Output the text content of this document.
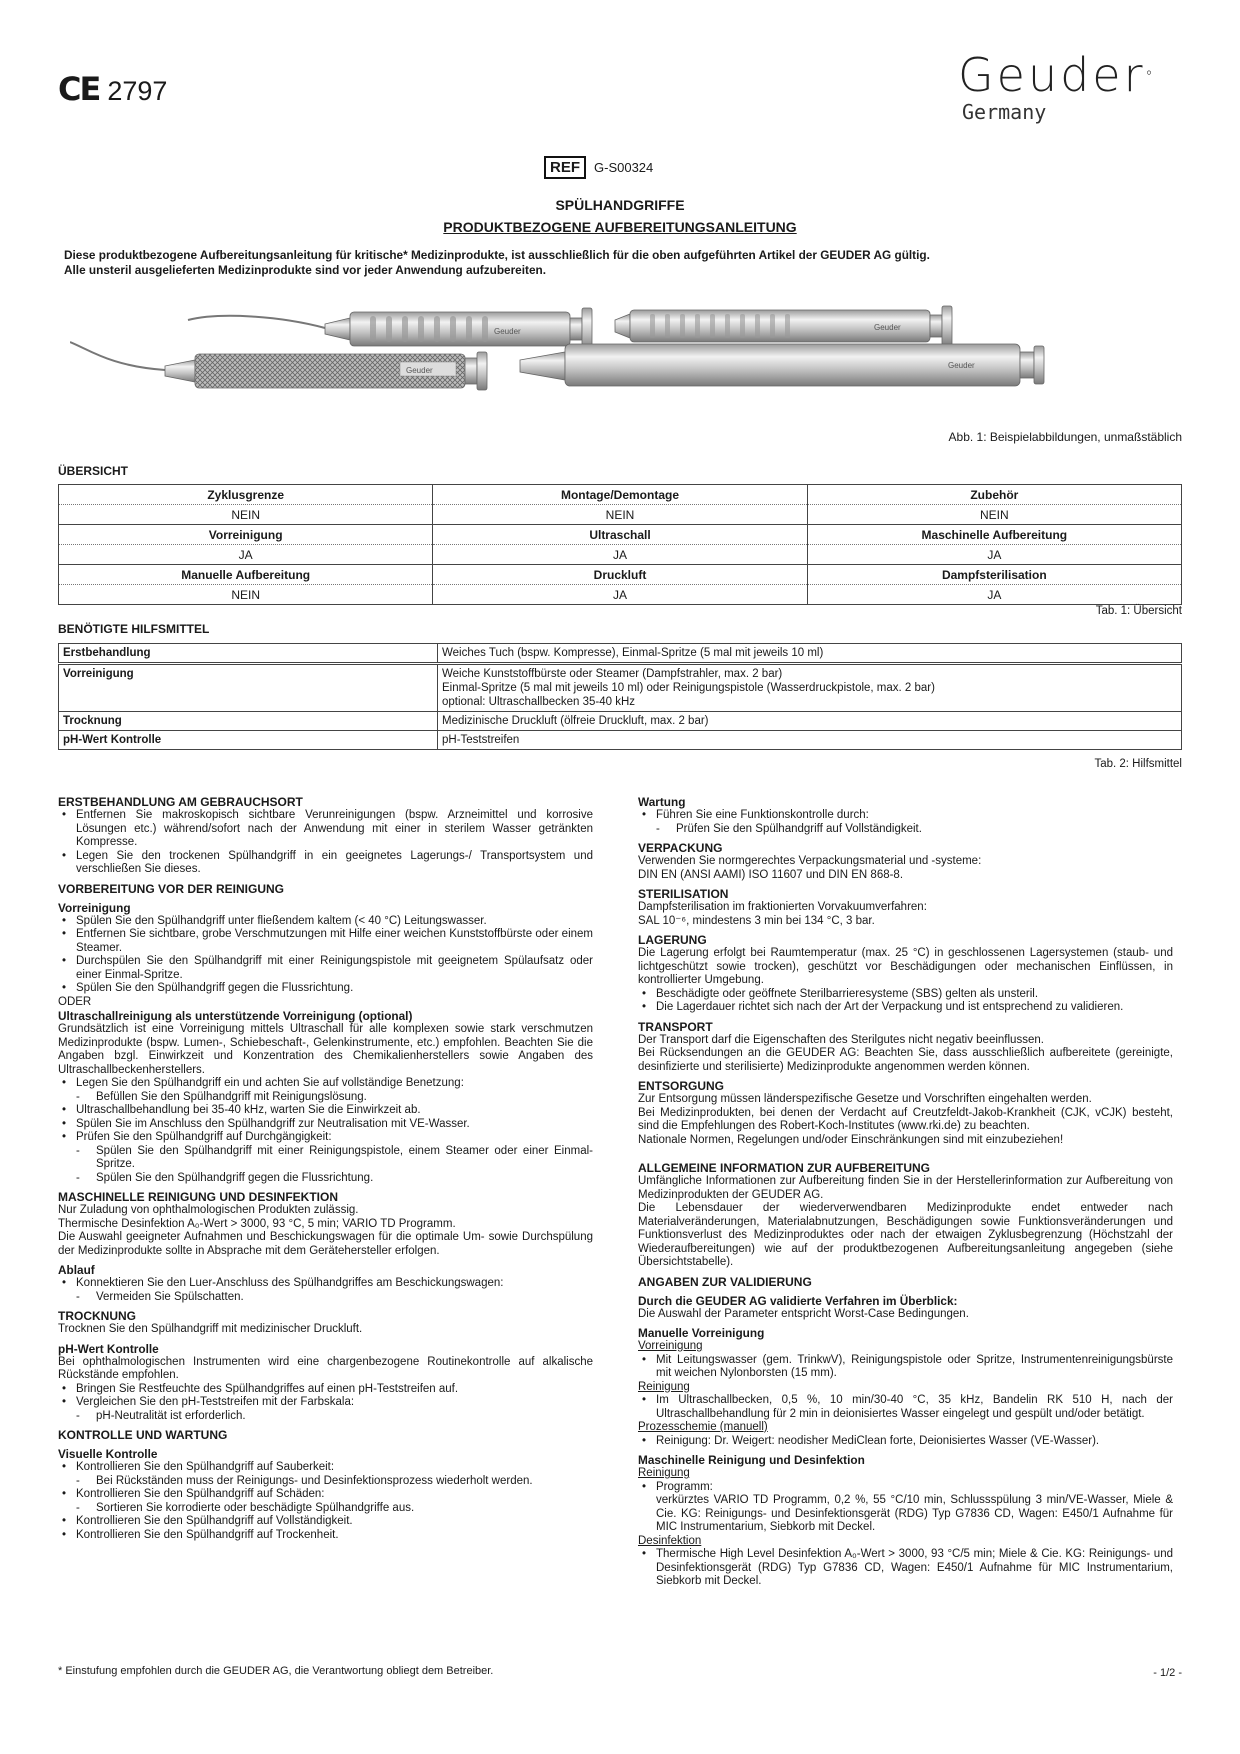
CE 2797	Geuder°
Germany
REF	G-S00324
SPÜLHANDGRIFFE
PRODUKTBEZOGENE AUFBEREITUNGSANLEITUNG
Diese produktbezogene Aufbereitungsanleitung für kritische* Medizinprodukte, ist ausschließlich für die oben aufgeführten Artikel der GEUDER AG gültig.
Alle unsteril ausgelieferten Medizinprodukte sind vor jeder Anwendung aufzubereiten.
Geuder	Geuder
Geuder
Geuder
Abb. 1: Beispielabbildungen, unmaßstäblich
ÜBERSICHT
Zyklusgrenze	Montage/Demontage	Zubehör
NEIN	NEIN	NEIN
Vorreinigung	Ultraschall	Maschinelle Aufbereitung
JA	JA	JA
Manuelle Aufbereitung	Druckluft	Dampfsterilisation
NEIN	JA	JA
Tab. 1: Übersicht
BENÖTIGTE HILFSMITTEL
Erstbehandlung	Weiches Tuch (bspw. Kompresse), Einmal-Spritze (5 mal mit jeweils 10 ml)

Vorreinigung	Weiche Kunststoffbürste oder Steamer (Dampfstrahler, max. 2 bar)
Einmal-Spritze (5 mal mit jeweils 10 ml) oder Reinigungspistole (Wasserdruckpistole, max. 2 bar)
optional: Ultraschallbecken 35-40 kHz

Trocknung	Medizinische Druckluft (ölfreie Druckluft, max. 2 bar)

pH-Wert Kontrolle	pH-Teststreifen
Tab. 2: Hilfsmittel
ERSTBEHANDLUNG AM GEBRAUCHSORT
• Entfernen Sie makroskopisch sichtbare Verunreinigungen (bspw. Arzneimittel und korrosive Lösungen etc.) während/sofort nach der Anwendung mit einer in sterilem Wasser getränkten Kompresse.
• Legen Sie den trockenen Spülhandgriff in ein geeignetes Lagerungs-/ Transportsystem und verschließen Sie dieses.
VORBEREITUNG VOR DER REINIGUNG
Vorreinigung
• Spülen Sie den Spülhandgriff unter fließendem kaltem (< 40 °C) Leitungswasser.
• Entfernen Sie sichtbare, grobe Verschmutzungen mit Hilfe einer weichen Kunststoffbürste oder einem Steamer.
• Durchspülen Sie den Spülhandgriff mit einer Reinigungspistole mit geeignetem Spülaufsatz oder einer Einmal-Spritze.
• Spülen Sie den Spülhandgriff gegen die Flussrichtung.

ODER

Ultraschallreinigung als unterstützende Vorreinigung (optional)

Grundsätzlich ist eine Vorreinigung mittels Ultraschall für alle komplexen sowie stark verschmutzen Medizinprodukte (bspw. Lumen-, Schiebeschaft-, Gelenkinstrumente, etc.) empfohlen. Beachten Sie die Angaben bzgl. Einwirkzeit und Konzentration des Chemikalienherstellers sowie Angaben des Ultraschallbeckenherstellers.

• Legen Sie den Spülhandgriff ein und achten Sie auf vollständige Benetzung:
- Befüllen Sie den Spülhandgriff mit Reinigungslösung.
• Ultraschallbehandlung bei 35-40 kHz, warten Sie die Einwirkzeit ab.
• Spülen Sie im Anschluss den Spülhandgriff zur Neutralisation mit VE-Wasser.
• Prüfen Sie den Spülhandgriff auf Durchgängigkeit:
- Spülen Sie den Spülhandgriff mit einer Reinigungspistole, einem Steamer oder einer Einmal-Spritze.
- Spülen Sie den Spülhandgriff gegen die Flussrichtung.
MASCHINELLE REINIGUNG UND DESINFEKTION

Nur Zuladung von ophthalmologischen Produkten zulässig.

Thermische Desinfektion A₀-Wert > 3000, 93 °C, 5 min; VARIO TD Programm.

Die Auswahl geeigneter Aufnahmen und Beschickungswagen für die optimale Um- sowie Durchspülung der Medizinprodukte sollte in Absprache mit dem Gerätehersteller erfolgen.

Ablauf
• Konnektieren Sie den Luer-Anschluss des Spülhandgriffes am Beschickungswagen:
- Vermeiden Sie Spülschatten.
TROCKNUNG

Trocknen Sie den Spülhandgriff mit medizinischer Druckluft.

pH-Wert Kontrolle

Bei ophthalmologischen Instrumenten wird eine chargenbezogene Routinekontrolle auf alkalische Rückstände empfohlen.

• Bringen Sie Restfeuchte des Spülhandgriffes auf einen pH-Teststreifen auf.
• Vergleichen Sie den pH-Teststreifen mit der Farbskala:
- pH-Neutralität ist erforderlich.
KONTROLLE UND WARTUNG
Visuelle Kontrolle
• Kontrollieren Sie den Spülhandgriff auf Sauberkeit:
- Bei Rückständen muss der Reinigungs- und Desinfektionsprozess wiederholt werden.
• Kontrollieren Sie den Spülhandgriff auf Schäden:
- Sortieren Sie korrodierte oder beschädigte Spülhandgriffe aus.
• Kontrollieren Sie den Spülhandgriff auf Vollständigkeit.
• Kontrollieren Sie den Spülhandgriff auf Trockenheit.
Wartung
• Führen Sie eine Funktionskontrolle durch:
- Prüfen Sie den Spülhandgriff auf Vollständigkeit.
VERPACKUNG

Verwenden Sie normgerechtes Verpackungsmaterial und -systeme:

DIN EN (ANSI AAMI) ISO 11607 und DIN EN 868-8.

STERILISATION

Dampfsterilisation im fraktionierten Vorvakuumverfahren:

SAL 10⁻⁶, mindestens 3 min bei 134 °C, 3 bar.

LAGERUNG

Die Lagerung erfolgt bei Raumtemperatur (max. 25 °C) in geschlossenen Lagersystemen (staub- und lichtgeschützt sowie trocken), geschützt vor Beschädigungen oder mechanischen Einflüssen, in kontrollierter Umgebung.

• Beschädigte oder geöffnete Sterilbarrieresysteme (SBS) gelten als unsteril.
• Die Lagerdauer richtet sich nach der Art der Verpackung und ist entsprechend zu validieren.
TRANSPORT

Der Transport darf die Eigenschaften des Sterilgutes nicht negativ beeinflussen.

Bei Rücksendungen an die GEUDER AG: Beachten Sie, dass ausschließlich aufbereitete (gereinigte, desinfizierte und sterilisierte) Medizinprodukte angenommen werden können.

ENTSORGUNG

Zur Entsorgung müssen länderspezifische Gesetze und Vorschriften eingehalten werden.

Bei Medizinprodukten, bei denen der Verdacht auf Creutzfeldt-Jakob-Krankheit (CJK, vCJK) besteht, sind die Empfehlungen des Robert-Koch-Institutes (www.rki.de) zu beachten.

Nationale Normen, Regelungen und/oder Einschränkungen sind mit einzubeziehen!

ALLGEMEINE INFORMATION ZUR AUFBEREITUNG

Umfängliche Informationen zur Aufbereitung finden Sie in der Herstellerinformation zur Aufbereitung von Medizinprodukten der GEUDER AG.

Die Lebensdauer der wiederverwendbaren Medizinprodukte endet entweder nach Materialveränderungen, Materialabnutzungen, Beschädigungen sowie Funktionsveränderungen und Funktionsverlust des Medizinproduktes oder nach der etwaigen Zyklusbegrenzung (Höchstzahl der Wiederaufbereitungen) wie auf der produktbezogenen Aufbereitungsanleitung angegeben (siehe Übersichtstabelle).

ANGABEN ZUR VALIDIERUNG
Durch die GEUDER AG validierte Verfahren im Überblick:

Die Auswahl der Parameter entspricht Worst-Case Bedingungen.

Manuelle Vorreinigung

Vorreinigung

• Mit Leitungswasser (gem. TrinkwV), Reinigungspistole oder Spritze, Instrumentenreinigungsbürste mit weichen Nylonborsten (15 mm).

Reinigung

• Im Ultraschallbecken, 0,5 %, 10 min/30-40 °C, 35 kHz, Bandelin RK 510 H, nach der Ultraschallbehandlung für 2 min in deionisiertes Wasser eingelegt und gespült und/oder betätigt.

Prozesschemie (manuell)

• Reinigung: Dr. Weigert: neodisher MediClean forte, Deionisiertes Wasser (VE-Wasser).
Maschinelle Reinigung und Desinfektion

Reinigung

• Programm:
verkürztes VARIO TD Programm, 0,2 %, 55 °C/10 min, Schlussspülung 3 min/VE-Wasser, Miele & Cie. KG: Reinigungs- und Desinfektionsgerät (RDG) Typ G7836 CD, Wagen: E450/1 Aufnahme für MIC Instrumentarium, Siebkorb mit Deckel.

Desinfektion

• Thermische High Level Desinfektion A₀-Wert > 3000, 93 °C/5 min; Miele & Cie. KG: Reinigungs- und Desinfektionsgerät (RDG) Typ G7836 CD, Wagen: E450/1 Aufnahme für MIC Instrumentarium, Siebkorb mit Deckel.
* Einstufung empfohlen durch die GEUDER AG, die Verantwortung obliegt dem Betreiber.	- 1/2 -
